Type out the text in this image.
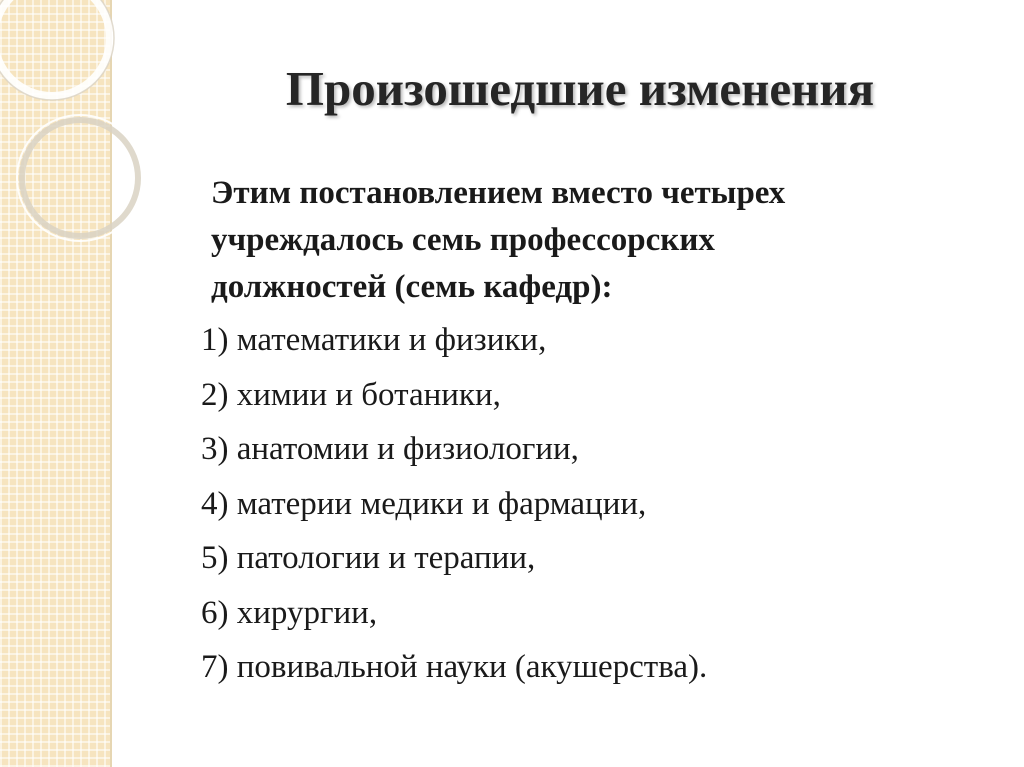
Произошедшие изменения

Этим постановлением вместо четырех
учреждалось семь профессорских
должностей (семь кафедр):

1) математики и физики,
2) химии и ботаники,
3) анатомии и физиологии,
4) материи медики и фармации,
5) патологии и терапии,
6) хирургии,
7) повивальной науки (акушерства).
